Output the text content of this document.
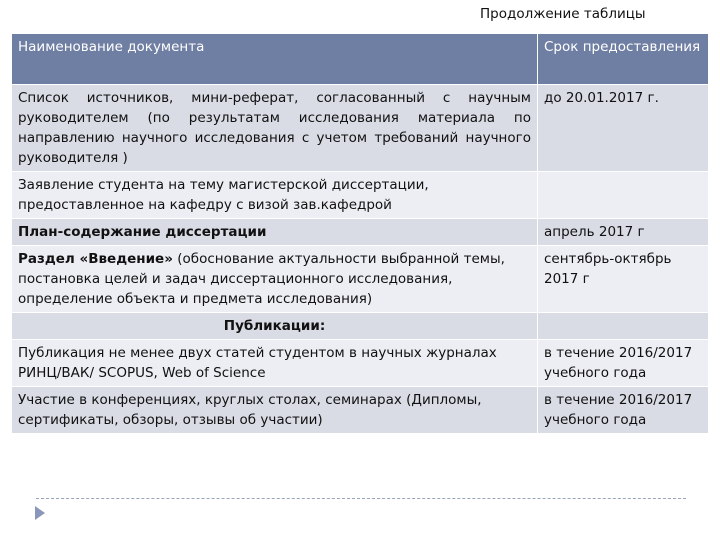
Продолжение таблицы
Наименование документа	Срок предоставления
Список источников, мини-реферат, согласованный с научным руководителем (по результатам исследования материала по направлению научного исследования с учетом требований научного руководителя )	до 20.01.2017 г.
Заявление студента на тему магистерской диссертации, предоставленное на кафедру с визой зав.кафедрой	
План-содержание диссертации	апрель 2017 г
Раздел «Введение» (обоснование актуальности выбранной темы, постановка целей и задач диссертационного исследования, определение объекта и предмета исследования)	сентябрь-октябрь 2017 г
Публикации:	
Публикация не менее двух статей студентом в научных журналах РИНЦ/ВАК/ SCOPUS, Web of Science	в течение 2016/2017 учебного года
Участие в конференциях, круглых столах, семинарах (Дипломы, сертификаты, обзоры, отзывы об участии)	в течение 2016/2017 учебного года
